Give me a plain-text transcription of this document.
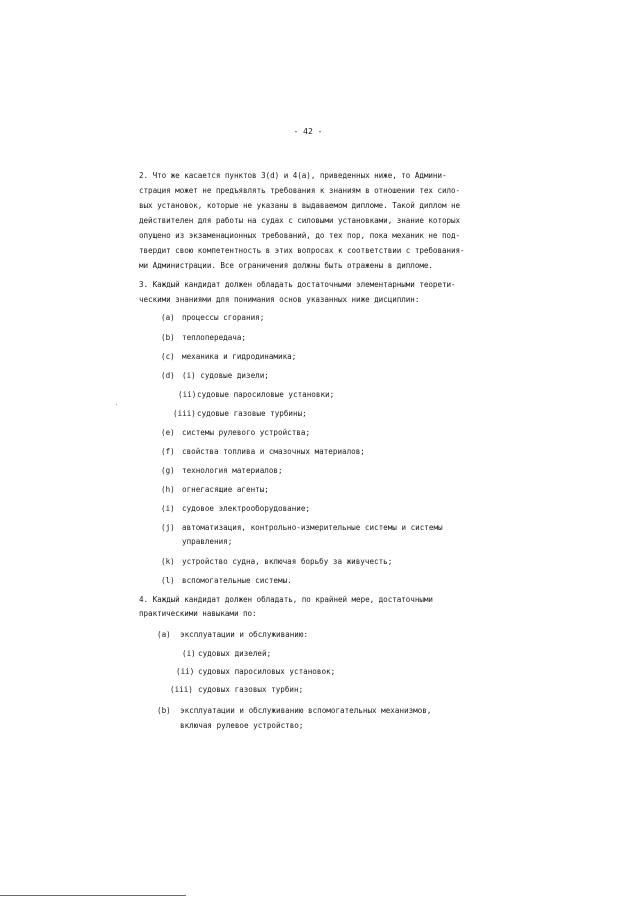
- 42 -
2. Что же касается пунктов 3(d) и 4(a), приведенных ниже, то Админи-
страция может не предъявлять требования к знаниям в отношении тех сило-
вых установок, которые не указаны в выдаваемом дипломе. Такой диплом не
действителен для работы на судах с силовыми установками, знание которых
опущено из экзаменационных требований, до тех пор, пока механик не под-
твердит свою компетентность в этих вопросах к соответствии с требования-
ми Администрации. Все ограничения должны быть отражены в дипломе.
3. Каждый кандидат должен обладать достаточными элементарными теорети-
ческими знаниями для понимания основ указанных ниже дисциплин:
(a) процессы сгорания;
(b) теплопередача;
(c) механика и гидродинамика;
(d) (i) судовые дизели;
(ii) судовые паросиловые установки;
(iii) судовые газовые турбины;
(e) системы рулевого устройства;
(f) свойства топлива и смазочных материалов;
(g) технология материалов;
(h) огнегасящие агенты;
(i) судовое электрооборудование;
(j) автоматизация, контрольно-измерительные системы и системы
управления;
(k) устройство судна, включая борьбу за живучесть;
(l) вспомогательные системы.
4. Каждый кандидат должен обладать, по крайней мере, достаточными
практическими навыками по:
(a) эксплуатации и обслуживанию:
(i) судовых дизелей;
(ii) судовых паросиловых установок;
(iii) судовых газовых турбин;
(b) эксплуатации и обслуживанию вспомогательных механизмов,
включая рулевое устройство;
